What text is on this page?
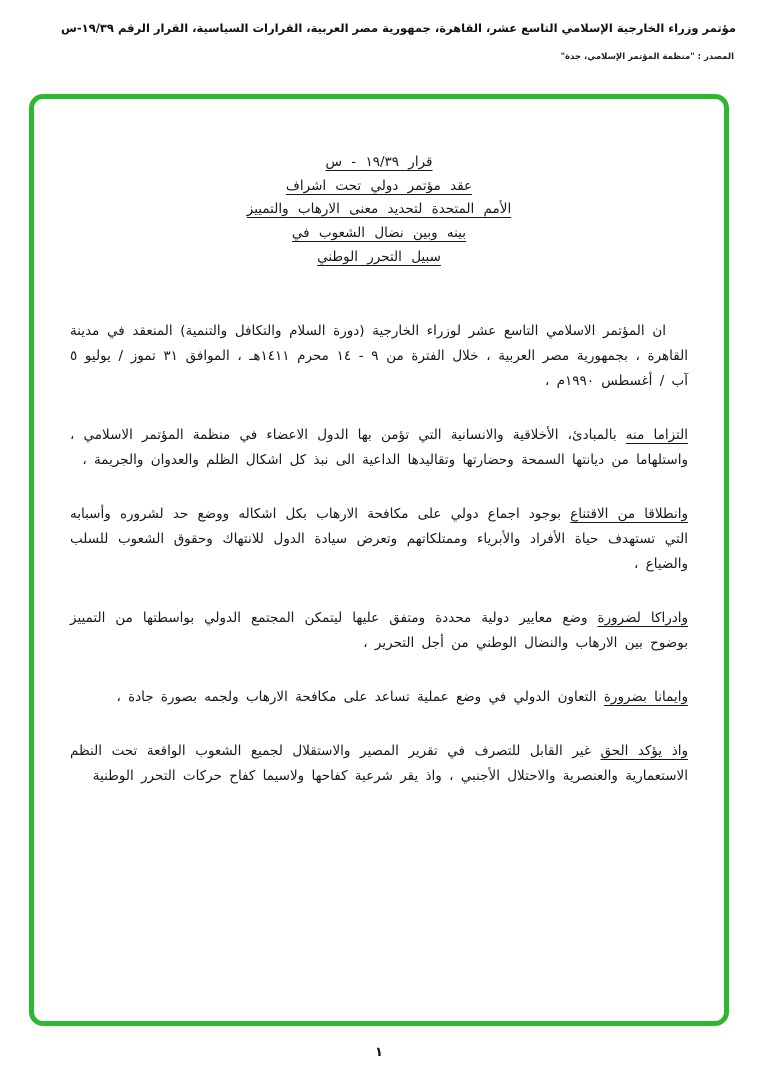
مؤتمر وزراء الخارجية الإسلامي التاسع عشر، القاهرة، جمهورية مصر العربية، القرارات السياسية، القرار الرقم ١٩/٣٩-س
المصدر : "منظمة المؤتمر الإسلامي، جدة"
قرار ١٩/٣٩ - س
عقد مؤتمر دولي تحت اشراف
الأمم المتحدة لتحديد معنى الارهاب والتمييز
بينه وبين نضال الشعوب في
سبيل التحرر الوطني
ان المؤتمر الاسلامي التاسع عشر لوزراء الخارجية (دورة السلام والتكافل والتنمية) المنعقد في مدينة القاهرة ، بجمهورية مصر العربية ، خلال الفترة من ٩ - ١٤ محرم ١٤١١هـ ، الموافق ٣١ تموز / يوليو ٥ آب / أغسطس ١٩٩٠م ،
التزاما منه بالمبادئ، الأخلاقية والانسانية التي تؤمن بها الدول الاعضاء في منظمة المؤتمر الاسلامي ، واستلهاما من ديانتها السمحة وحضارتها وتقاليدها الداعية الى نبذ كل اشكال الظلم والعدوان والجريمة ،
وانطلاقا من الاقتناع بوجود اجماع دولي على مكافحة الارهاب بكل اشكاله ووضع حد لشروره وأسبابه التي تستهدف حياة الأفراد والأبرياء وممتلكاتهم وتعرض سيادة الدول للانتهاك وحقوق الشعوب للسلب والضياع ،
وادراكا لضرورة وضع معايير دولية محددة ومتفق عليها ليتمكن المجتمع الدولي بواسطتها من التمييز بوضوح بين الارهاب والنضال الوطني من أجل التحرير ،
وايمانا بضرورة التعاون الدولي في وضع عملية تساعد على مكافحة الارهاب ولجمه بصورة جادة ،
واذ يؤكد الحق غير القابل للتصرف في تقرير المصير والاستقلال لجميع الشعوب الواقعة تحت النظم الاستعمارية والعنصرية والاحتلال الأجنبي ، واذ يقر شرعية كفاحها ولاسيما كفاح حركات التحرر الوطنية
١
